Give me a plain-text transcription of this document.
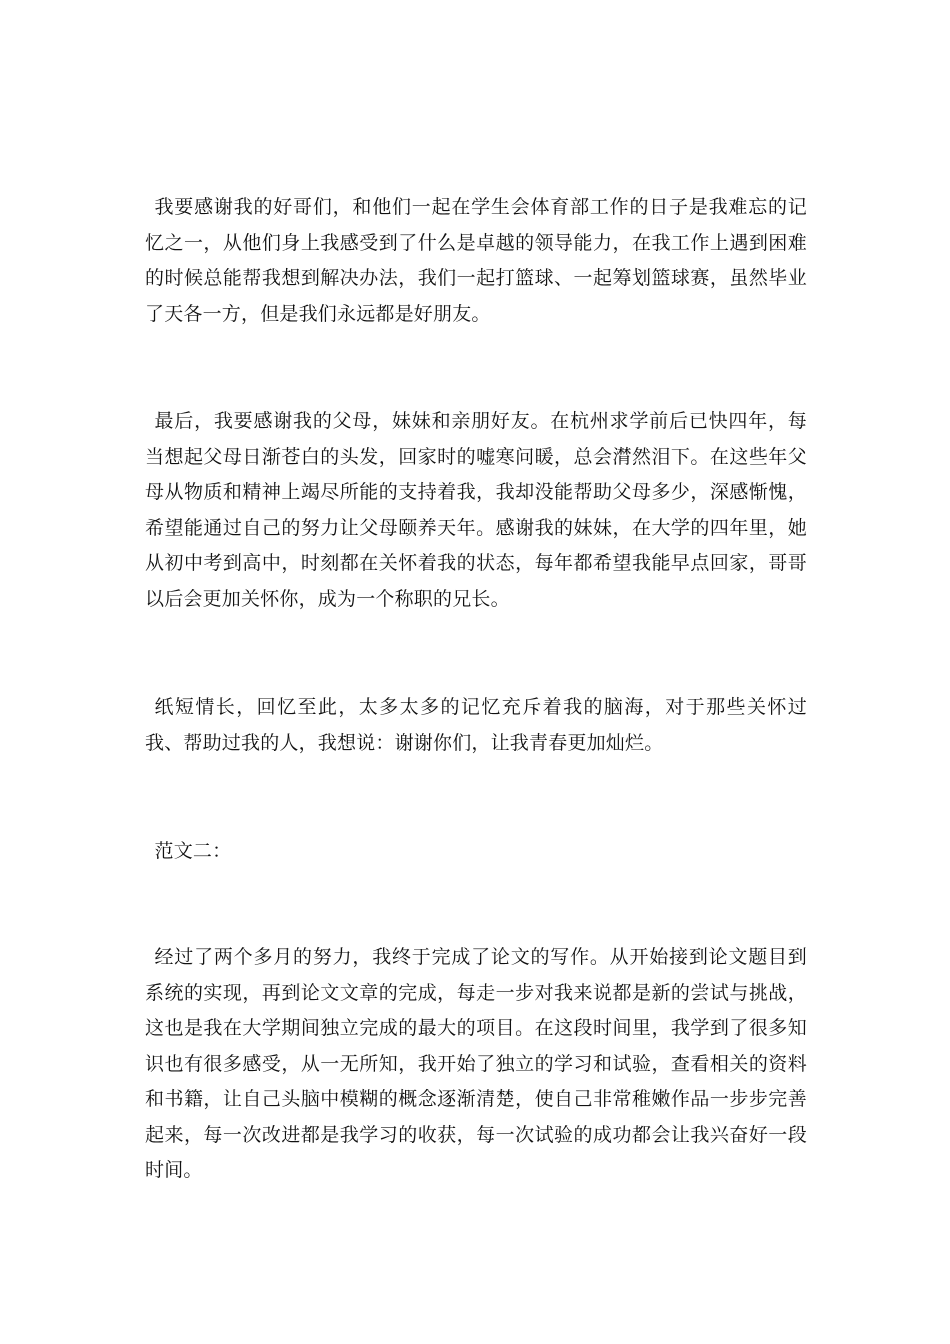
我要感谢我的好哥们，和他们一起在学生会体育部工作的日子是我难忘的记忆之一，从他们身上我感受到了什么是卓越的领导能力，在我工作上遇到困难的时候总能帮我想到解决办法，我们一起打篮球、一起筹划篮球赛，虽然毕业了天各一方，但是我们永远都是好朋友。

最后，我要感谢我的父母，妹妹和亲朋好友。在杭州求学前后已快四年，每当想起父母日渐苍白的头发，回家时的嘘寒问暖，总会潸然泪下。在这些年父母从物质和精神上竭尽所能的支持着我，我却没能帮助父母多少，深感惭愧，希望能通过自己的努力让父母颐养天年。感谢我的妹妹，在大学的四年里，她从初中考到高中，时刻都在关怀着我的状态，每年都希望我能早点回家，哥哥以后会更加关怀你，成为一个称职的兄长。

纸短情长，回忆至此，太多太多的记忆充斥着我的脑海，对于那些关怀过我、帮助过我的人，我想说：谢谢你们，让我青春更加灿烂。

范文二：

经过了两个多月的努力，我终于完成了论文的写作。从开始接到论文题目到系统的实现，再到论文文章的完成，每走一步对我来说都是新的尝试与挑战，这也是我在大学期间独立完成的最大的项目。在这段时间里，我学到了很多知识也有很多感受，从一无所知，我开始了独立的学习和试验，查看相关的资料和书籍，让自己头脑中模糊的概念逐渐清楚，使自己非常稚嫩作品一步步完善起来，每一次改进都是我学习的收获，每一次试验的成功都会让我兴奋好一段时间。
